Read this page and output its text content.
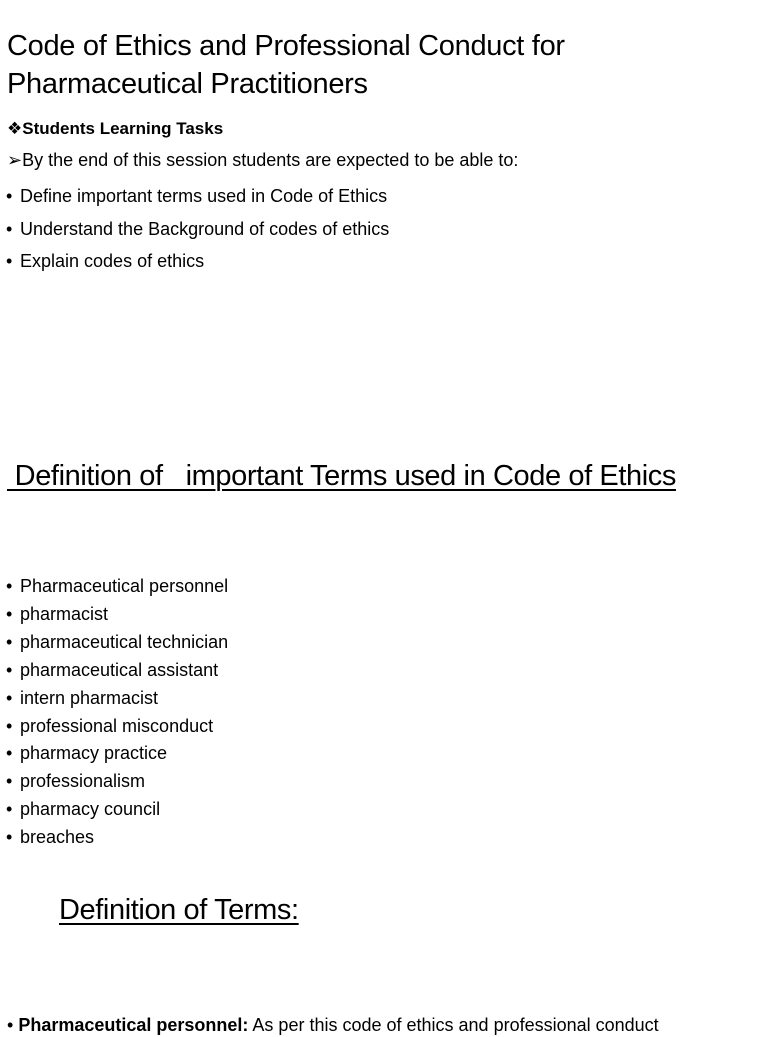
Code of Ethics and Professional Conduct for
Pharmaceutical Practitioners
❖Students Learning Tasks
➢By the end of this session students are expected to be able to:
• Define important terms used in Code of Ethics
• Understand the Background of codes of ethics
• Explain codes of ethics
Definition of   important Terms used in Code of Ethics
• Pharmaceutical personnel
• pharmacist
• pharmaceutical technician
• pharmaceutical assistant
• intern pharmacist
• professional misconduct
• pharmacy practice
• professionalism
• pharmacy council
• breaches
Definition of Terms:
• Pharmaceutical personnel: As per this code of ethics and professional conduct
